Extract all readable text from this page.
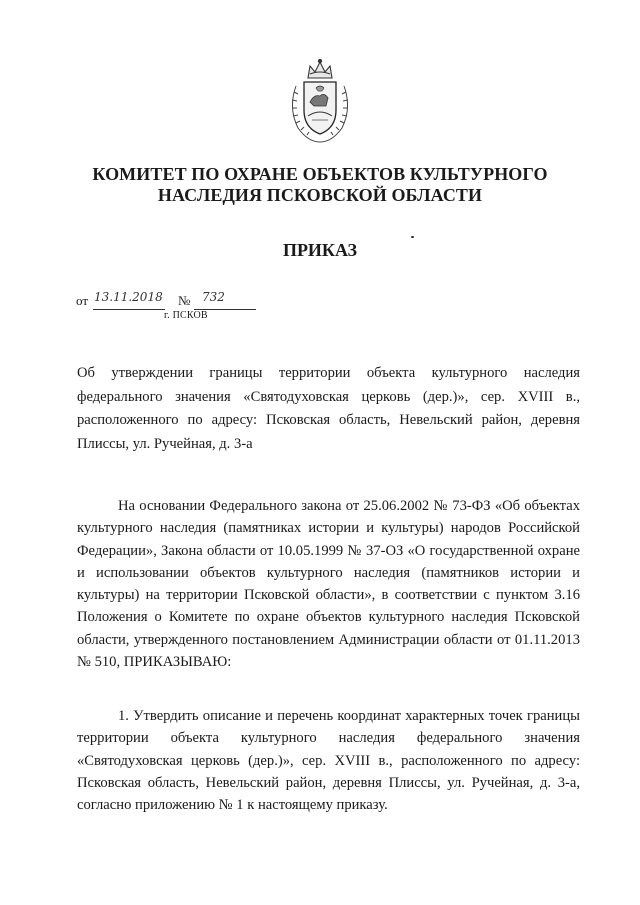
КОМИТЕТ ПО ОХРАНЕ ОБЪЕКТОВ КУЛЬТУРНОГО
НАСЛЕДИЯ ПСКОВСКОЙ ОБЛАСТИ
ПРИКАЗ
от 13.11.2018 № 732
г. ПСКОВ
Об утверждении границы территории объекта культурного наследия федерального значения «Святодуховская церковь (дер.)», сер. XVIII в., расположенного по адресу: Псковская область, Невельский район, деревня Плиссы, ул. Ручейная, д. 3-а
На основании Федерального закона от 25.06.2002 № 73-ФЗ «Об объектах культурного наследия (памятниках истории и культуры) народов Российской Федерации», Закона области от 10.05.1999 № 37-ОЗ «О государственной охране и использовании объектов культурного наследия (памятников истории и культуры) на территории Псковской области», в соответствии с пунктом 3.16 Положения о Комитете по охране объектов культурного наследия Псковской области, утвержденного постановлением Администрации области от 01.11.2013 № 510, ПРИКАЗЫВАЮ:
1. Утвердить описание и перечень координат характерных точек границы территории объекта культурного наследия федерального значения «Святодуховская церковь (дер.)», сер. XVIII в., расположенного по адресу: Псковская область, Невельский район, деревня Плиссы, ул. Ручейная, д. 3-а, согласно приложению № 1 к настоящему приказу.
